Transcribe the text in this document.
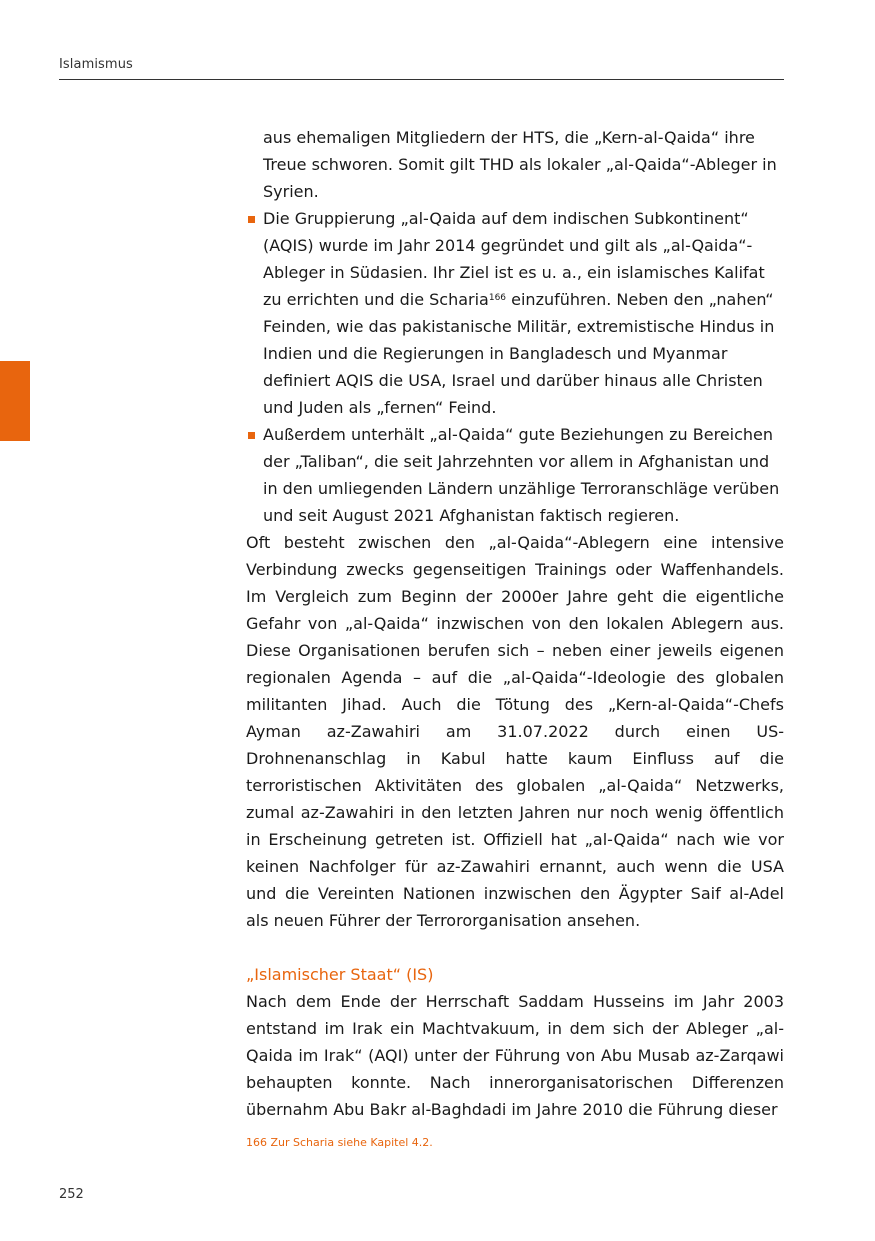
Islamismus

aus ehemaligen Mitgliedern der HTS, die „Kern-al-Qaida“ ihre Treue schworen. Somit gilt THD als lokaler „al-Qaida“-Ableger in Syrien.

Die Gruppierung „al-Qaida auf dem indischen Subkontinent“ (AQIS) wurde im Jahr 2014 gegründet und gilt als „al-Qaida“-Ableger in Südasien. Ihr Ziel ist es u. a., ein islamisches Kalifat zu errichten und die Scharia$^{166}$ einzuführen. Neben den „nahen“ Feinden, wie das pakistanische Militär, extremistische Hindus in Indien und die Regierungen in Bangladesch und Myanmar definiert AQIS die USA, Israel und darüber hinaus alle Christen und Juden als „fernen“ Feind.
Außerdem unterhält „al-Qaida“ gute Beziehungen zu Bereichen der „Taliban“, die seit Jahrzehnten vor allem in Afghanistan und in den umliegenden Ländern unzählige Terroranschläge verüben und seit August 2021 Afghanistan faktisch regieren.

Oft besteht zwischen den „al-Qaida“-Ablegern eine intensive Verbindung zwecks gegenseitigen Trainings oder Waffenhandels. Im Vergleich zum Beginn der 2000er Jahre geht die eigentliche Gefahr von „al-Qaida“ inzwischen von den lokalen Ablegern aus. Diese Organisationen berufen sich – neben einer jeweils eigenen regionalen Agenda – auf die „al-Qaida“-Ideologie des globalen militanten Jihad. Auch die Tötung des „Kern-al-Qaida“-Chefs Ayman az-Zawahiri am 31.07.2022 durch einen US-Drohnenanschlag in Kabul hatte kaum Einfluss auf die terroristischen Aktivitäten des globalen „al-Qaida“ Netzwerks, zumal az-Zawahiri in den letzten Jahren nur noch wenig öffentlich in Erscheinung getreten ist. Offiziell hat „al-Qaida“ nach wie vor keinen Nachfolger für az-Zawahiri ernannt, auch wenn die USA und die Vereinten Nationen inzwischen den Ägypter Saif al-Adel als neuen Führer der Terrororganisation ansehen.

„Islamischer Staat“ (IS)

Nach dem Ende der Herrschaft Saddam Husseins im Jahr 2003 entstand im Irak ein Machtvakuum, in dem sich der Ableger „al-Qaida im Irak“ (AQI) unter der Führung von Abu Musab az-Zarqawi behaupten konnte. Nach innerorganisatorischen Differenzen übernahm Abu Bakr al-Baghdadi im Jahre 2010 die Führung dieser

166 Zur Scharia siehe Kapitel 4.2.
252
